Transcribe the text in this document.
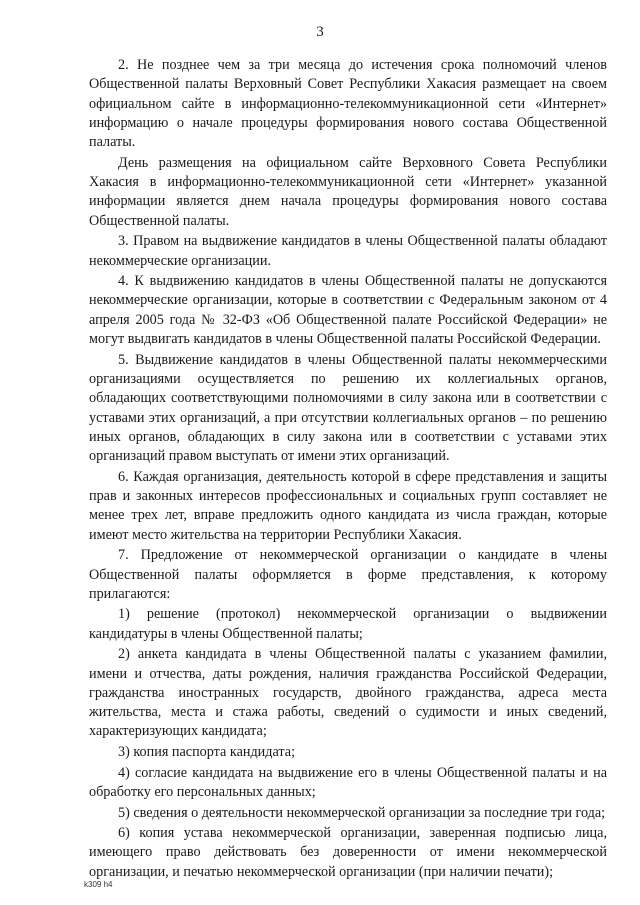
3

2. Не позднее чем за три месяца до истечения срока полномочий членов Общественной палаты Верховный Совет Республики Хакасия размещает на своем официальном сайте в информационно-телекоммуникационной сети «Интернет» информацию о начале процедуры формирования нового состава Общественной палаты.

День размещения на официальном сайте Верховного Совета Республики Хакасия в информационно-телекоммуникационной сети «Интернет» указанной информации является днем начала процедуры формирования нового состава Общественной палаты.

3. Правом на выдвижение кандидатов в члены Общественной палаты обладают некоммерческие организации.

4. К выдвижению кандидатов в члены Общественной палаты не допускаются некоммерческие организации, которые в соответствии с Федеральным законом от 4 апреля 2005 года № 32-ФЗ «Об Общественной палате Российской Федерации» не могут выдвигать кандидатов в члены Общественной палаты Российской Федерации.

5. Выдвижение кандидатов в члены Общественной палаты некоммерческими организациями осуществляется по решению их коллегиальных органов, обладающих соответствующими полномочиями в силу закона или в соответствии с уставами этих организаций, а при отсутствии коллегиальных органов – по решению иных органов, обладающих в силу закона или в соответствии с уставами этих организаций правом выступать от имени этих организаций.

6. Каждая организация, деятельность которой в сфере представления и защиты прав и законных интересов профессиональных и социальных групп составляет не менее трех лет, вправе предложить одного кандидата из числа граждан, которые имеют место жительства на территории Республики Хакасия.

7. Предложение от некоммерческой организации о кандидате в члены Общественной палаты оформляется в форме представления, к которому прилагаются:

1) решение (протокол) некоммерческой организации о выдвижении кандидатуры в члены Общественной палаты;

2) анкета кандидата в члены Общественной палаты с указанием фамилии, имени и отчества, даты рождения, наличия гражданства Российской Федерации, гражданства иностранных государств, двойного гражданства, адреса места жительства, места и стажа работы, сведений о судимости и иных сведений, характеризующих кандидата;

3) копия паспорта кандидата;

4) согласие кандидата на выдвижение его в члены Общественной палаты и на обработку его персональных данных;

5) сведения о деятельности некоммерческой организации за последние три года;

6) копия устава некоммерческой организации, заверенная подписью лица, имеющего право действовать без доверенности от имени некоммерческой организации, и печатью некоммерческой организации (при наличии печати);

k309 h4
